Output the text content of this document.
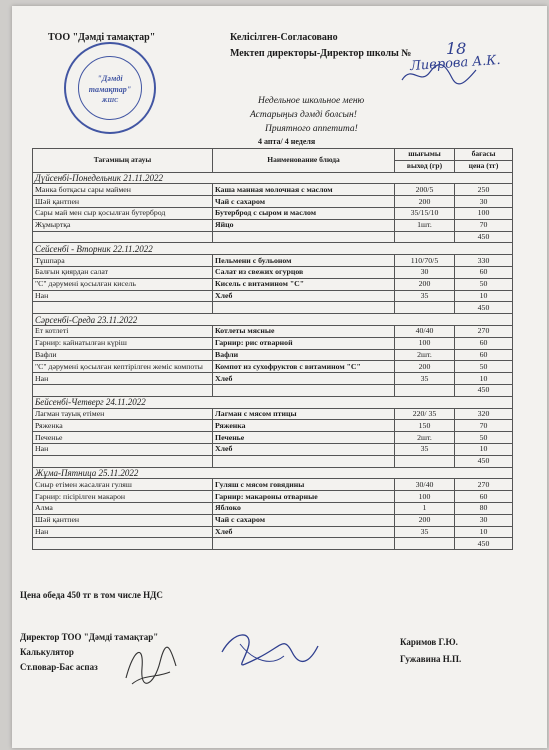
ТОО "Дәмді тамақтар"	Келісілген-Согласовано
Мектеп директоры-Директор школы № 18
Ливрова А.К.
"Дәмді
тамақтар"
ЖШС	Недельное школьное меню
Астарыңыз дәмді болсын!
Приятного аппетита!
4 апта/ 4 неделя
Тағамның атауы	Наименование блюда	шығымы	бағасы
		выход (гр)	цена (тг)
Дүйсенбі-Понедельник 21.11.2022			
Манка ботқасы сары маймен	Каша манная молочная с маслом	200/5	250
Шәй қантпен	Чай с сахаром	200	30
Сары май мен сыр қосылған бутерброд	Бутерброд с сыром и маслом	35/15/10	100
Жұмыртқа	Яйцо	1шт.	70
			450
Сейсенбі - Вторник 22.11.2022			
Тұшпара	Пельмени с бульоном	110/70/5	330
Балғын қиярдан салат	Салат из свежих огурцов	30	60
"С" дәрумені қосылған кисель	Кисель с витамином "С"	200	50
Нан	Хлеб	35	10
			450
Сәрсенбі-Среда 23.11.2022			
Ет котлеті	Котлеты мясные	40/40	270
Гарнир: кайнатылған күріш	Гарнир: рис отварной	100	60
Вафли	Вафли	2шт.	60
"С" дәрумені қосылған кептірілген жеміс компоты	Компот из сухофруктов с витамином "С"	200	50
Нан	Хлеб	35	10
			450
Бейсенбі-Четверг 24.11.2022			
Лагман тауық етімен	Лагман с мясом птицы	220/ 35	320
Ряженка	Ряженка	150	70
Печенье	Печенье	2шт.	50
Нан	Хлеб	35	10
			450
Жұма-Пятница 25.11.2022			
Сиыр етімен жасалған гуляш	Гуляш с мясом говядины	30/40	270
Гарнир: пісірілген макарон	Гарнир: макароны отварные	100	60
Алма	Яблоко	1	80
Шәй қантпен	Чай с сахаром	200	30
Нан	Хлеб	35	10
			450
Цена обеда 450 тг в том числе НДС
Директор ТОО "Дәмді тамақтар"
Калькулятор
Ст.повар-Бас аспаз
Каримов Г.Ю.
Гужавина Н.П.
